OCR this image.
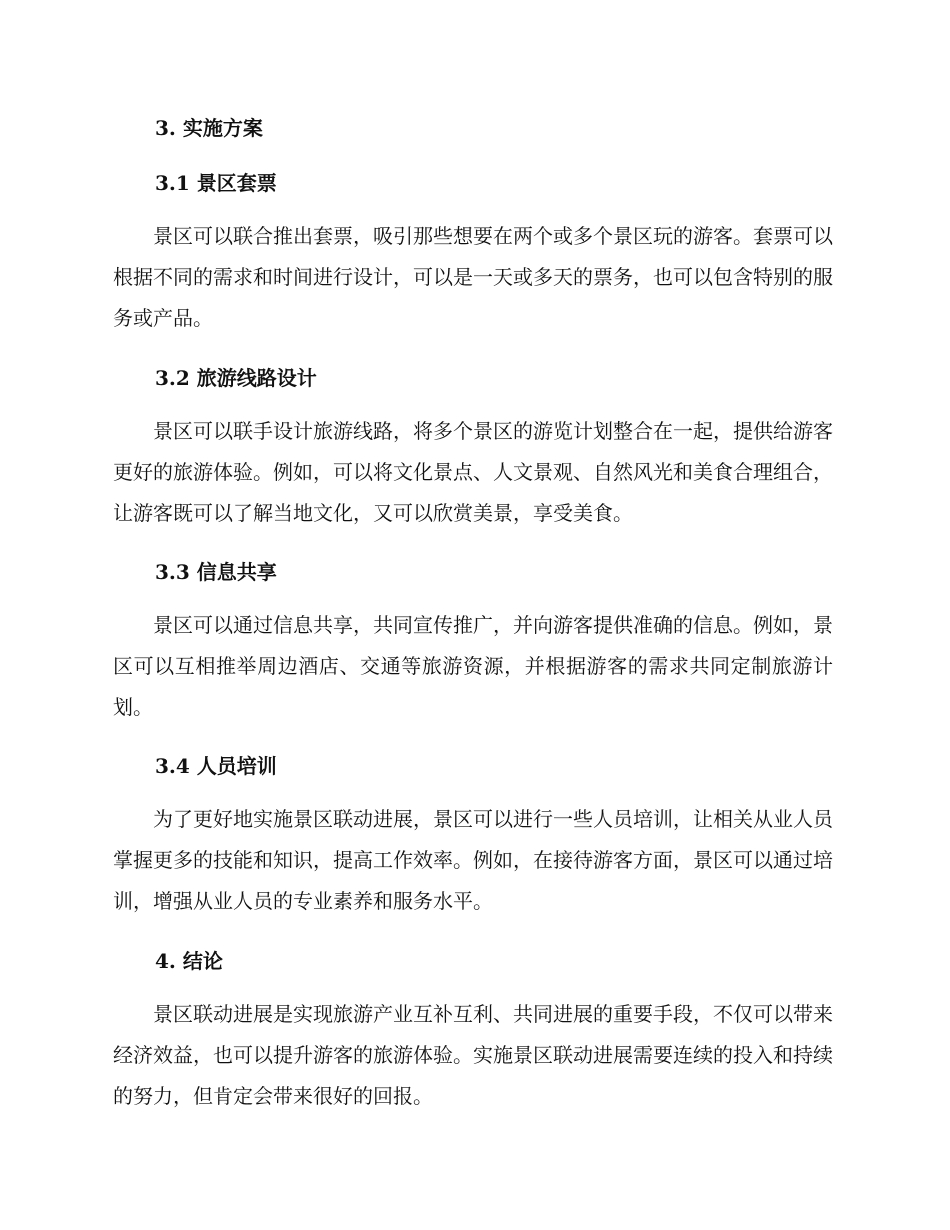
3. 实施方案
3.1 景区套票

景区可以联合推出套票，吸引那些想要在两个或多个景区玩的游客。套票可以根据不同的需求和时间进行设计，可以是一天或多天的票务，也可以包含特别的服务或产品。

3.2 旅游线路设计

景区可以联手设计旅游线路，将多个景区的游览计划整合在一起，提供给游客更好的旅游体验。例如，可以将文化景点、人文景观、自然风光和美食合理组合，让游客既可以了解当地文化，又可以欣赏美景，享受美食。

3.3 信息共享

景区可以通过信息共享，共同宣传推广，并向游客提供准确的信息。例如，景区可以互相推举周边酒店、交通等旅游资源，并根据游客的需求共同定制旅游计划。

3.4 人员培训

为了更好地实施景区联动进展，景区可以进行一些人员培训，让相关从业人员掌握更多的技能和知识，提高工作效率。例如，在接待游客方面，景区可以通过培训，增强从业人员的专业素养和服务水平。

4. 结论

景区联动进展是实现旅游产业互补互利、共同进展的重要手段，不仅可以带来经济效益，也可以提升游客的旅游体验。实施景区联动进展需要连续的投入和持续的努力，但肯定会带来很好的回报。
